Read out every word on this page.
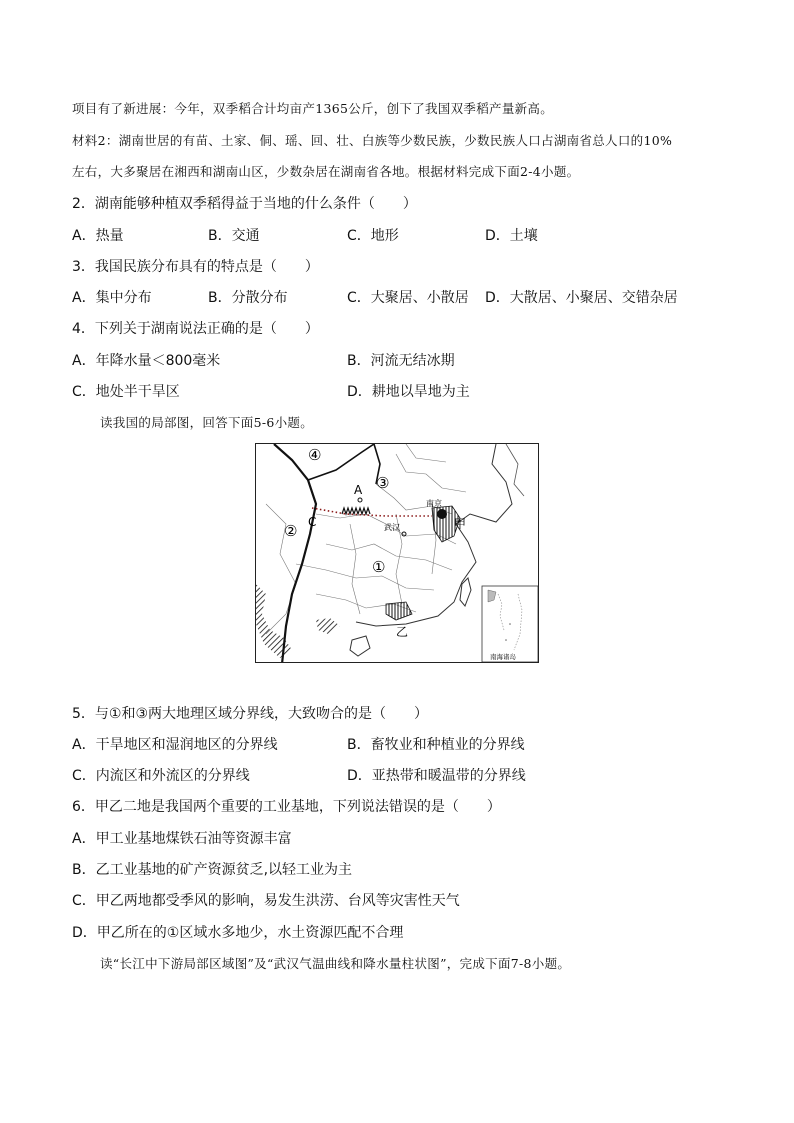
项目有了新进展：今年，双季稻合计均亩产1365公斤，创下了我国双季稻产量新高。
材料2：湖南世居的有苗、土家、侗、瑶、回、壮、白族等少数民族，少数民族人口占湖南省总人口的10%
左右，大多聚居在湘西和湖南山区，少数杂居在湖南省各地。根据材料完成下面2-4小题。
2．湖南能够种植双季稻得益于当地的什么条件（　　）
A．热量	B．交通	C．地形	D．土壤
3．我国民族分布具有的特点是（　　）
A．集中分布	B．分散分布	C．大聚居、小散居 D．大散居、小聚居、交错杂居
4．下列关于湖南说法正确的是（　　）
A．年降水量＜800毫米	B．河流无结冰期
C．地处半干旱区	D．耕地以旱地为主
读我国的局部图，回答下面5-6小题。
④
③
②
①
A
C	甲
乙
南京
武汉
南海诸岛
5．与①和③两大地理区域分界线，大致吻合的是（　　）
A．干旱地区和湿润地区的分界线	B．畜牧业和种植业的分界线
C．内流区和外流区的分界线	D．亚热带和暖温带的分界线
6．甲乙二地是我国两个重要的工业基地，下列说法错误的是（　　）
A．甲工业基地煤铁石油等资源丰富
B．乙工业基地的矿产资源贫乏,以轻工业为主
C．甲乙两地都受季风的影响，易发生洪涝、台风等灾害性天气
D．甲乙所在的①区域水多地少，水土资源匹配不合理
读“长江中下游局部区域图”及“武汉气温曲线和降水量柱状图”，完成下面7-8小题。
